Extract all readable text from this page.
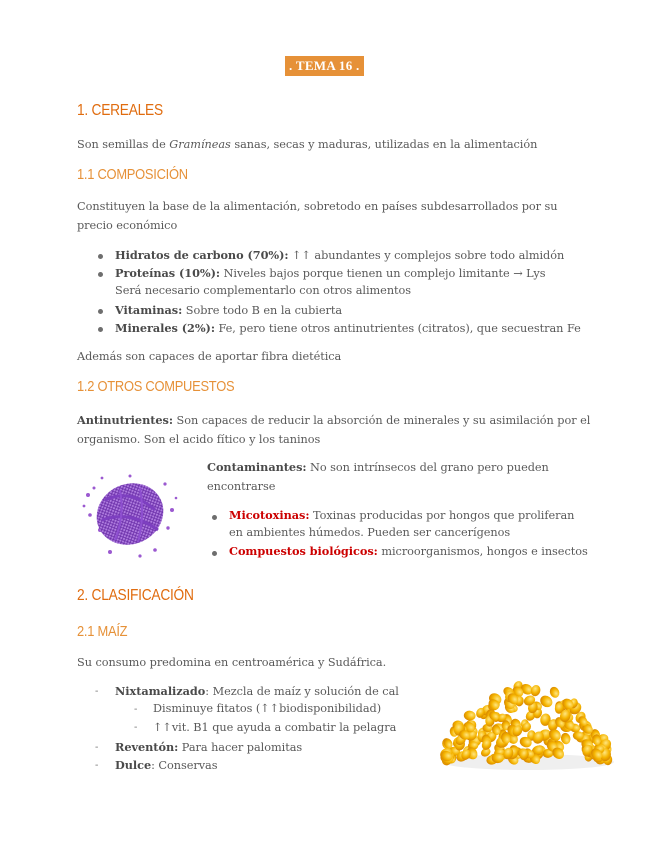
. TEMA 16 .
1. CEREALES
Son semillas de Gramíneas sanas, secas y maduras, utilizadas en la alimentación
1.1 COMPOSICIÓN
Constituyen la base de la alimentación, sobretodo en países subdesarrollados por su
precio económico
Hidratos de carbono (70%): ↑↑ abundantes y complejos sobre todo almidón
Proteínas (10%): Niveles bajos porque tienen un complejo limitante → Lys
Será necesario complementarlo con otros alimentos
Vitaminas: Sobre todo B en la cubierta
Minerales (2%): Fe, pero tiene otros antinutrientes (citratos), que secuestran Fe
Además son capaces de aportar fibra dietética
1.2 OTROS COMPUESTOS
Antinutrientes: Son capaces de reducir la absorción de minerales y su asimilación por el
organismo. Son el acido fítico y los taninos
Contaminantes: No son intrínsecos del grano pero pueden
encontrarse
Micotoxinas: Toxinas producidas por hongos que proliferan
en ambientes húmedos. Pueden ser cancerígenos
Compuestos biológicos: microorganismos, hongos e insectos
2. CLASIFICACIÓN
2.1 MAÍZ
Su consumo predomina en centroamérica y Sudáfrica.
- Nixtamalizado: Mezcla de maíz y solución de cal
- Disminuye fitatos (↑↑biodisponibilidad)
- ↑↑vit. B1 que ayuda a combatir la pelagra
- Reventón: Para hacer palomitas
- Dulce: Conservas
